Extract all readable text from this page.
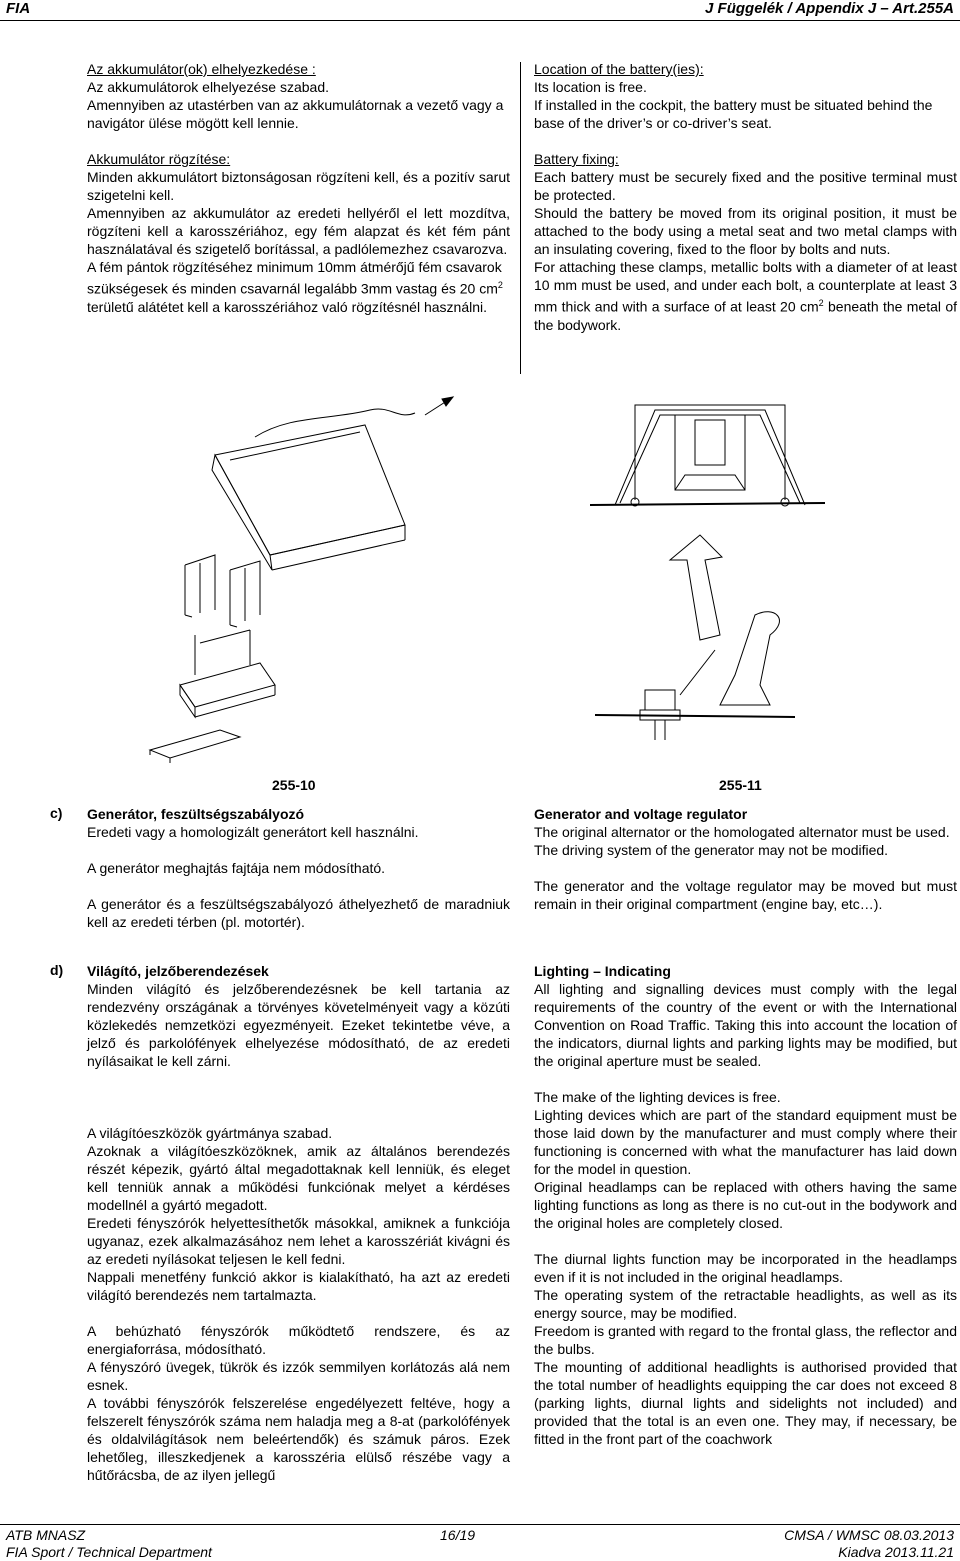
FIA	J Függelék / Appendix J – Art.255A

Az akkumulátor(ok) elhelyezkedése :

Az akkumulátorok elhelyezése szabad.

Amennyiben az utastérben van az akkumulátornak a vezető vagy a navigátor ülése mögött kell lennie.

Akkumulátor rögzítése:

Minden akkumulátort biztonságosan rögzíteni kell, és a pozitív sarut szigetelni kell.

Amennyiben az akkumulátor az eredeti hellyéről el lett mozdítva, rögzíteni kell a karosszériához, egy fém alapzat és két fém pánt használatával és szigetelő borítással, a padlólemezhez csavarozva.

A fém pántok rögzítéséhez minimum 10mm átmérőjű fém csavarok szükségesek és minden csavarnál legalább 3mm vastag és 20 $cm^2$ területű alátétet kell a karosszériához való rögzítésnél használni.

Location of the battery(ies):

Its location is free.

If installed in the cockpit, the battery must be situated behind the base of the driver’s or co-driver’s seat.

Battery fixing:

Each battery must be securely fixed and the positive terminal must be protected.

Should the battery be moved from its original position, it must be attached to the body using a metal seat and two metal clamps with an insulating covering, fixed to the floor by bolts and nuts.

For attaching these clamps, metallic bolts with a diameter of at least 10 mm must be used, and under each bolt, a counterplate at least 3 mm thick and with a surface of at least 20 $cm^2$ beneath the metal of the bodywork.

255-10	255-11
c) Generátor, feszültségszabályozó

Eredeti vagy a homologizált generátort kell használni.

A generátor meghajtás fajtája nem módosítható.

A generátor és a feszültségszabályozó áthelyezhető de maradniuk kell az eredeti térben (pl. motortér).

Generator and voltage regulator

The original alternator or the homologated alternator must be used.

The driving system of the generator may not be modified.

The generator and the voltage regulator may be moved but must remain in their original compartment (engine bay, etc…).

d) Világító, jelzőberendezések

Minden világító és jelzőberendezésnek be kell tartania az rendezvény országának a törvényes követelményeit vagy a közúti közlekedés nemzetközi egyezményeit. Ezeket tekintetbe véve, a jelző és parkolófények elhelyezése módosítható, de az eredeti nyílásaikat le kell zárni.

A világítóeszközök gyártmánya szabad.

Azoknak a világítóeszközöknek, amik az általános berendezés részét képezik, gyártó által megadottaknak kell lenniük, és eleget kell tenniük annak a működési funkciónak melyet a kérdéses modellnél a gyártó megadott.

Eredeti fényszórók helyettesíthetők másokkal, amiknek a funkciója ugyanaz, ezek alkalmazásához nem lehet a karosszériát kivágni és az eredeti nyílásokat teljesen le kell fedni.

Nappali menetfény funkció akkor is kialakítható, ha azt az eredeti világító berendezés nem tartalmazta.

A behúzható fényszórók működtető rendszere, és az energiaforrása, módosítható.

A fényszóró üvegek, tükrök és izzók semmilyen korlátozás alá nem esnek.

A további fényszórók felszerelése engedélyezett feltéve, hogy a felszerelt fényszórók száma nem haladja meg a 8-at (parkolófények és oldalvilágítások nem beleértendők) és számuk páros. Ezek lehetőleg, illeszkedjenek a karosszéria elülső részébe vagy a hűtőrácsba, de az ilyen jellegű

Lighting – Indicating

All lighting and signalling devices must comply with the legal requirements of the country of the event or with the International Convention on Road Traffic. Taking this into account the location of the indicators, diurnal lights and parking lights may be modified, but the original aperture must be sealed.

The make of the lighting devices is free.

Lighting devices which are part of the standard equipment must be those laid down by the manufacturer and must comply where their functioning is concerned with what the manufacturer has laid down for the model in question.

Original headlamps can be replaced with others having the same lighting functions as long as there is no cut-out in the bodywork and the original holes are completely closed.

The diurnal lights function may be incorporated in the headlamps even if it is not included in the original headlamps.

The operating system of the retractable headlights, as well as its energy source, may be modified.

Freedom is granted with regard to the frontal glass, the reflector and the bulbs.

The mounting of additional headlights is authorised provided that the total number of headlights equipping the car does not exceed 8 (parking lights, diurnal lights and sidelights not included) and provided that the total is an even one. They may, if necessary, be fitted in the front part of the coachwork

ATB MNASZ
FIA Sport / Technical Department
16/19	CMSA / WMSC 08.03.2013
Kiadva 2013.11.21
